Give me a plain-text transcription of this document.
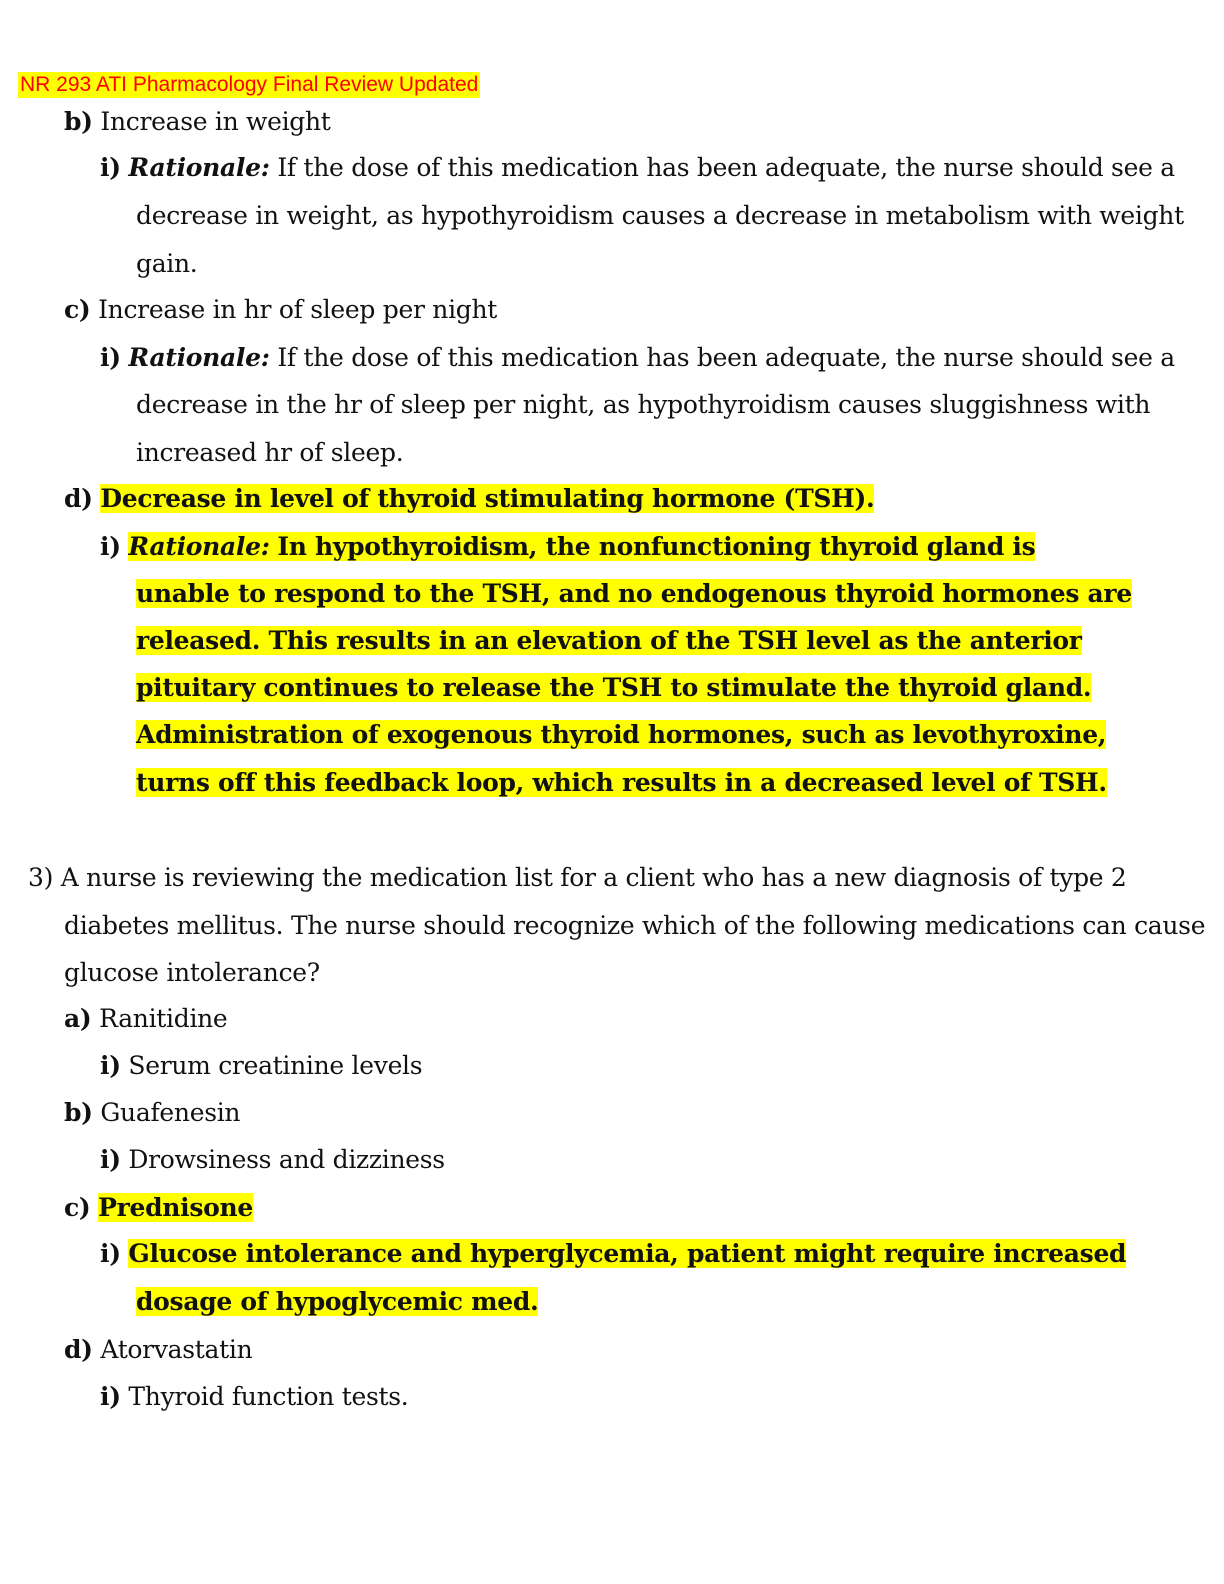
NR 293 ATI Pharmacology Final Review Updated
b) Increase in weight
i) Rationale: If the dose of this medication has been adequate, the nurse should see a
decrease in weight, as hypothyroidism causes a decrease in metabolism with weight
gain.
c) Increase in hr of sleep per night
i) Rationale: If the dose of this medication has been adequate, the nurse should see a
decrease in the hr of sleep per night, as hypothyroidism causes sluggishness with
increased hr of sleep.
d) Decrease in level of thyroid stimulating hormone (TSH).
i) Rationale: In hypothyroidism, the nonfunctioning thyroid gland is
unable to respond to the TSH, and no endogenous thyroid hormones are
released. This results in an elevation of the TSH level as the anterior
pituitary continues to release the TSH to stimulate the thyroid gland.
Administration of exogenous thyroid hormones, such as levothyroxine,
turns off this feedback loop, which results in a decreased level of TSH.
3) A nurse is reviewing the medication list for a client who has a new diagnosis of type 2
diabetes mellitus. The nurse should recognize which of the following medications can cause
glucose intolerance?
a) Ranitidine
i) Serum creatinine levels
b) Guafenesin
i) Drowsiness and dizziness
c) Prednisone
i) Glucose intolerance and hyperglycemia, patient might require increased
dosage of hypoglycemic med.
d) Atorvastatin
i) Thyroid function tests.
